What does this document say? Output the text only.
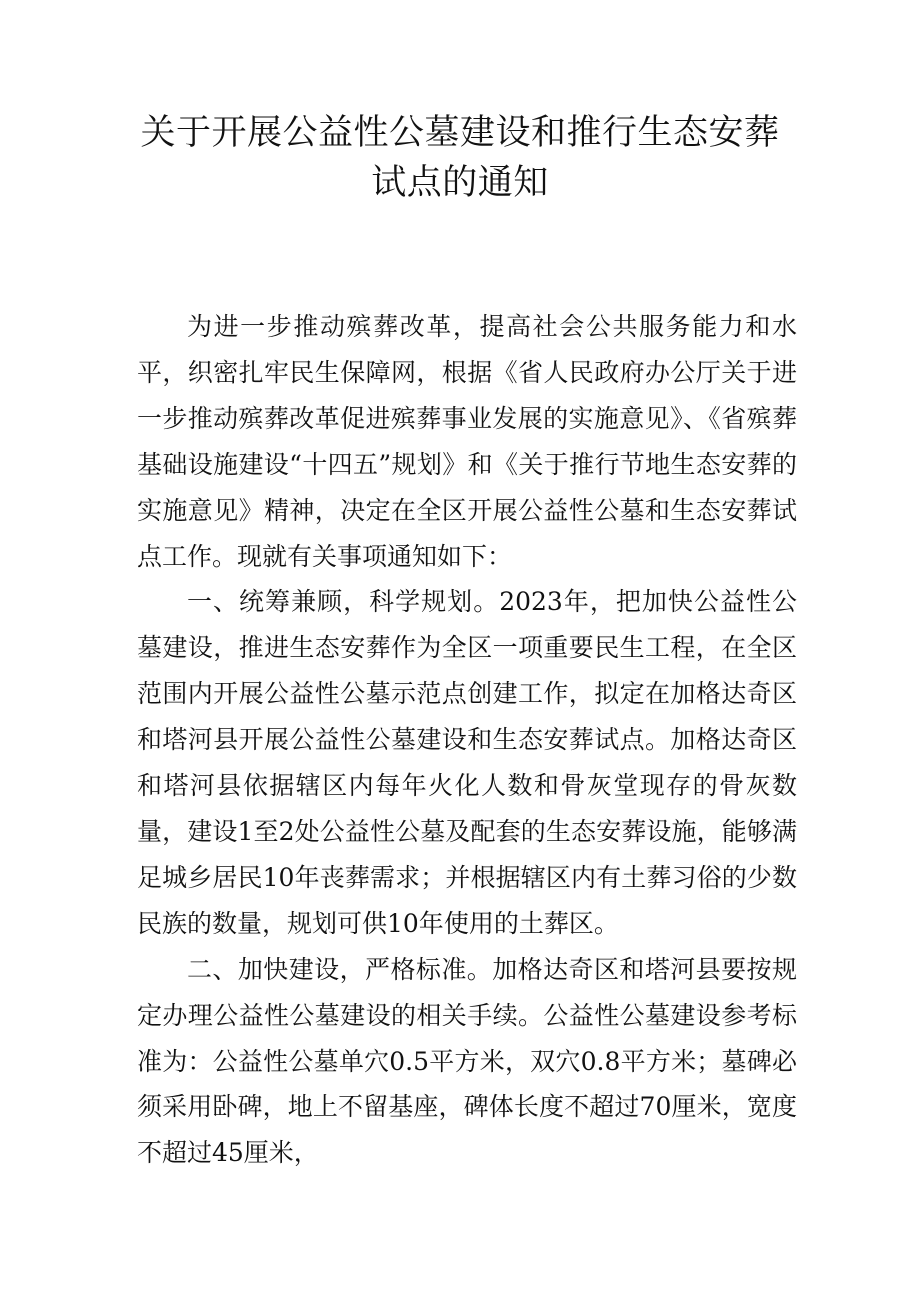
关于开展公益性公墓建设和推行生态安葬
试点的通知

为进一步推动殡葬改革，提高社会公共服务能力和水平，织密扎牢民生保障网，根据《省人民政府办公厅关于进一步推动殡葬改革促进殡葬事业发展的实施意见》、《省殡葬基础设施建设“十四五”规划》和《关于推行节地生态安葬的实施意见》精神，决定在全区开展公益性公墓和生态安葬试点工作。现就有关事项通知如下：

一、统筹兼顾，科学规划。2023年，把加快公益性公墓建设，推进生态安葬作为全区一项重要民生工程，在全区范围内开展公益性公墓示范点创建工作，拟定在加格达奇区和塔河县开展公益性公墓建设和生态安葬试点。加格达奇区和塔河县依据辖区内每年火化人数和骨灰堂现存的骨灰数量，建设1至2处公益性公墓及配套的生态安葬设施，能够满足城乡居民10年丧葬需求；并根据辖区内有土葬习俗的少数民族的数量，规划可供10年使用的土葬区。

二、加快建设，严格标准。加格达奇区和塔河县要按规定办理公益性公墓建设的相关手续。公益性公墓建设参考标准为：公益性公墓单穴0.5平方米，双穴0.8平方米；墓碑必须采用卧碑，地上不留基座，碑体长度不超过70厘米，宽度不超过45厘米，
